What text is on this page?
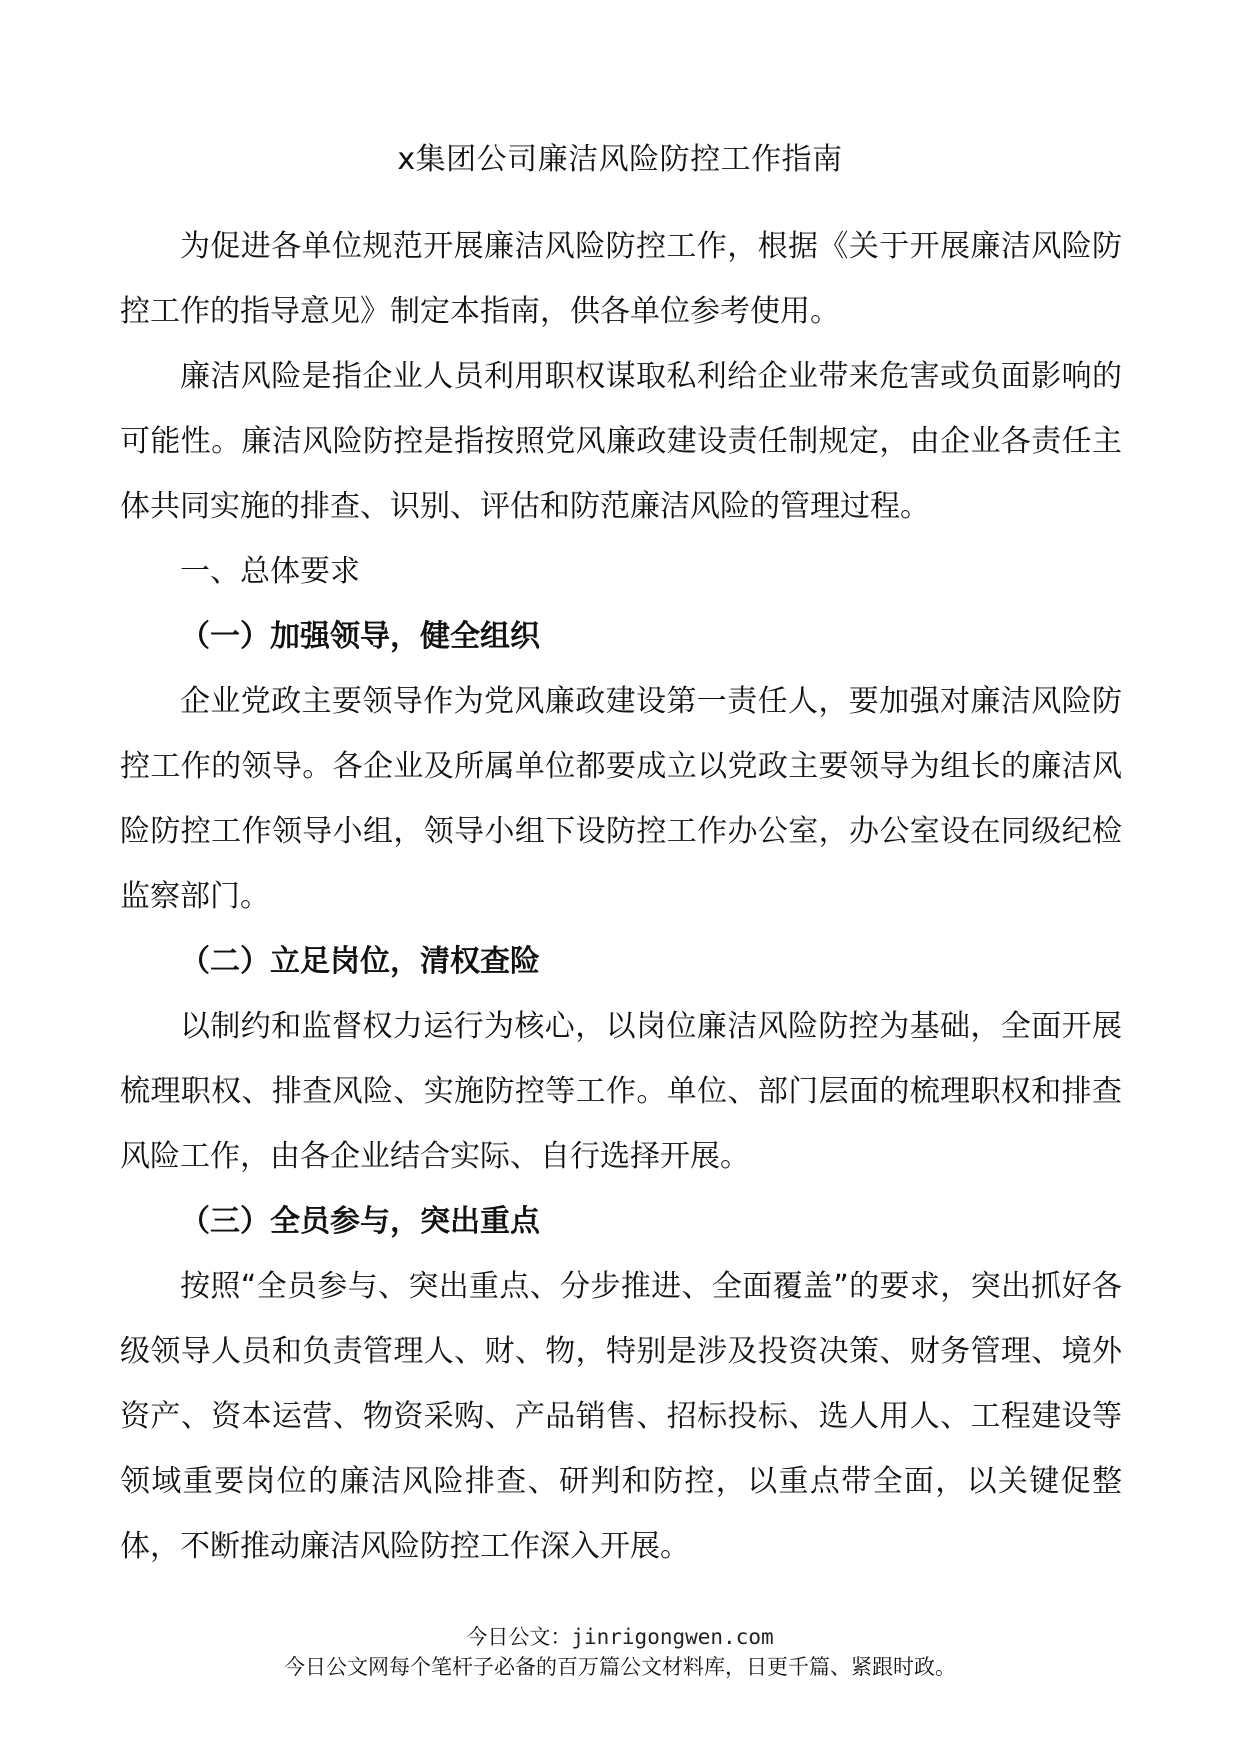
x集团公司廉洁风险防控工作指南

为促进各单位规范开展廉洁风险防控工作，根据《关于开展廉洁风险防控工作的指导意见》制定本指南，供各单位参考使用。

廉洁风险是指企业人员利用职权谋取私利给企业带来危害或负面影响的可能性。廉洁风险防控是指按照党风廉政建设责任制规定，由企业各责任主体共同实施的排查、识别、评估和防范廉洁风险的管理过程。

一、总体要求

（一）加强领导，健全组织

企业党政主要领导作为党风廉政建设第一责任人，要加强对廉洁风险防控工作的领导。各企业及所属单位都要成立以党政主要领导为组长的廉洁风险防控工作领导小组，领导小组下设防控工作办公室，办公室设在同级纪检监察部门。

（二）立足岗位，清权查险

以制约和监督权力运行为核心，以岗位廉洁风险防控为基础，全面开展梳理职权、排查风险、实施防控等工作。单位、部门层面的梳理职权和排查风险工作，由各企业结合实际、自行选择开展。

（三）全员参与，突出重点

按照“全员参与、突出重点、分步推进、全面覆盖”的要求，突出抓好各级领导人员和负责管理人、财、物，特别是涉及投资决策、财务管理、境外资产、资本运营、物资采购、产品销售、招标投标、选人用人、工程建设等领域重要岗位的廉洁风险排查、研判和防控，以重点带全面，以关键促整体，不断推动廉洁风险防控工作深入开展。

今日公文：jinrigongwen.com
今日公文网每个笔杆子必备的百万篇公文材料库，日更千篇、紧跟时政。
